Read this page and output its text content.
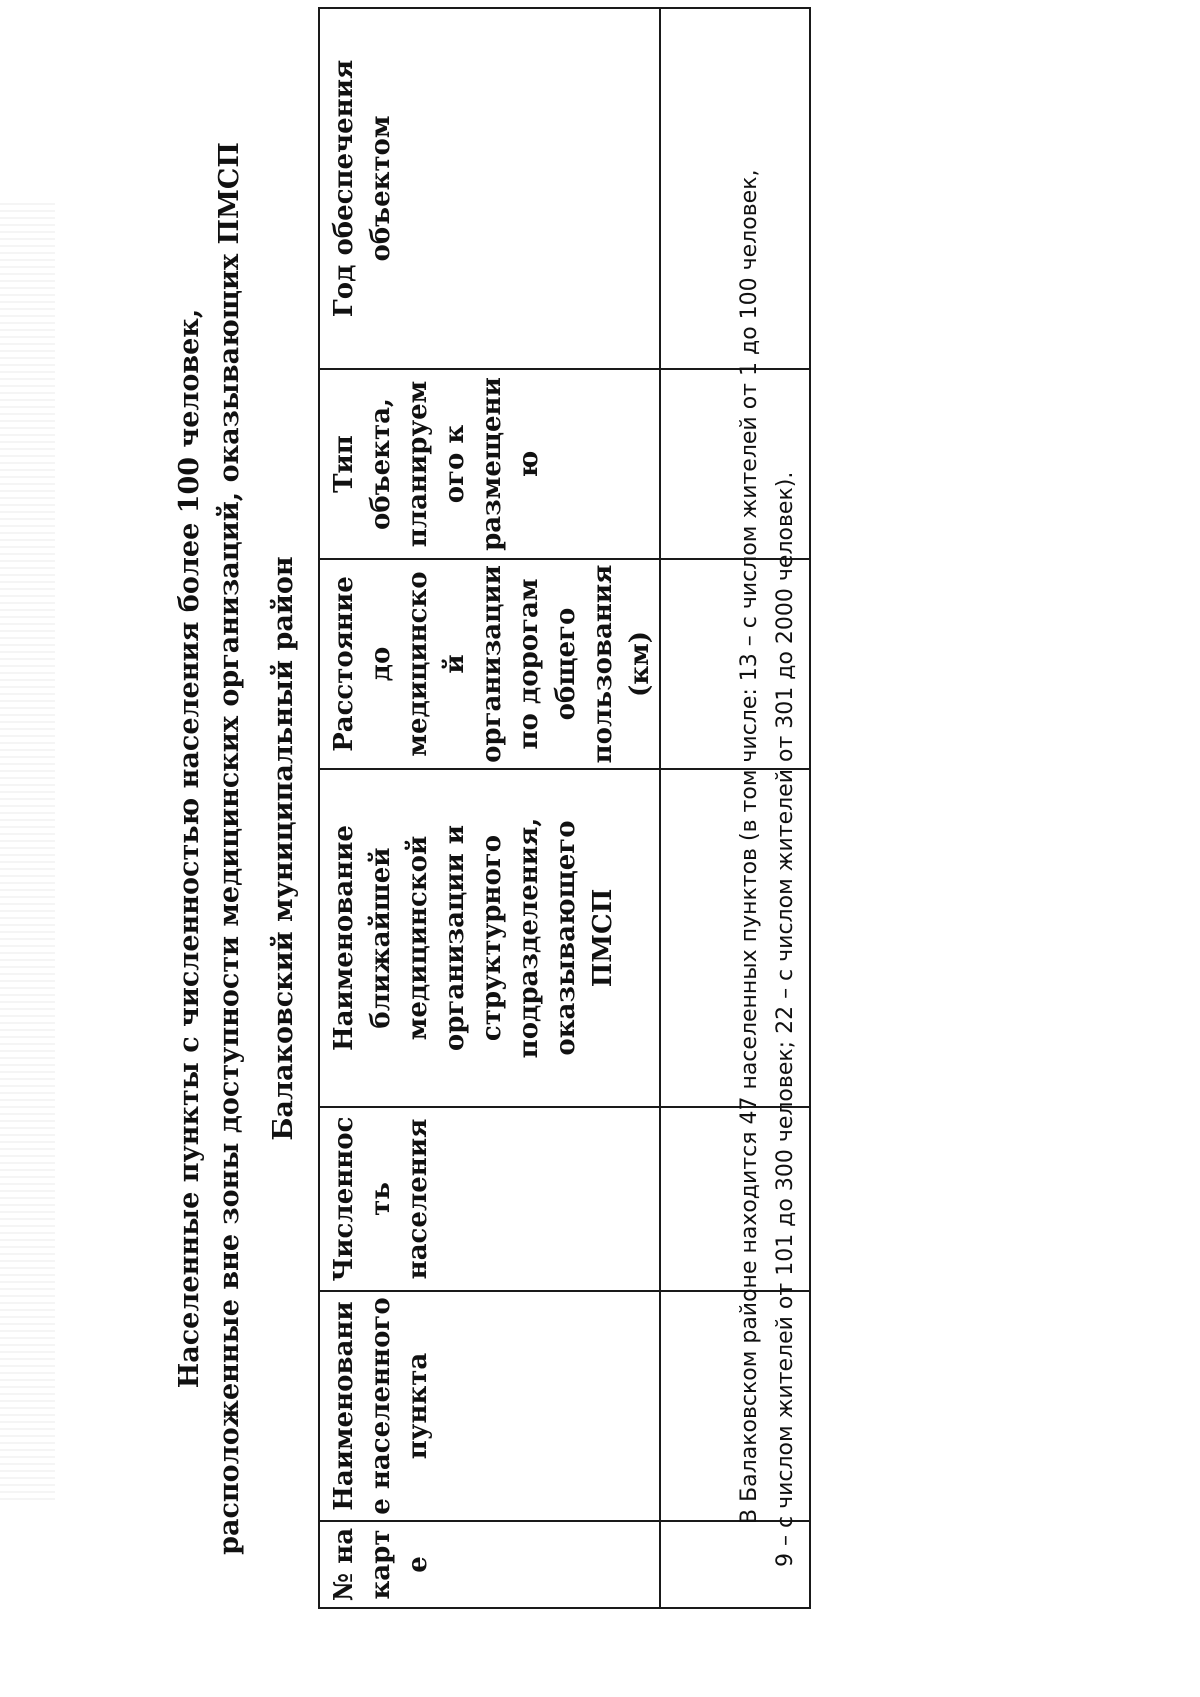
Населенные пункты с численностью населения более 100 человек, расположенные вне зоны доступности медицинских организаций, оказывающих ПМСП Балаковский муниципальный район
№ на карте	Наименование населенного пункта	Численность населения	Наименование ближайшей медицинской организации и структурного подразделения, оказывающего ПМСП	Расстояние до медицинской организации по дорогам общего пользования (км)	Тип объекта, планируемого к размещению	Год обеспечения объектом
							В Балаковском районе находится 47 населенных пунктов (в том числе: 13 – с числом жителей от 1 до 100 человек, 9 – с числом жителей от 101 до 300 человек; 22 – с числом жителей от 301 до 2000 человек).
